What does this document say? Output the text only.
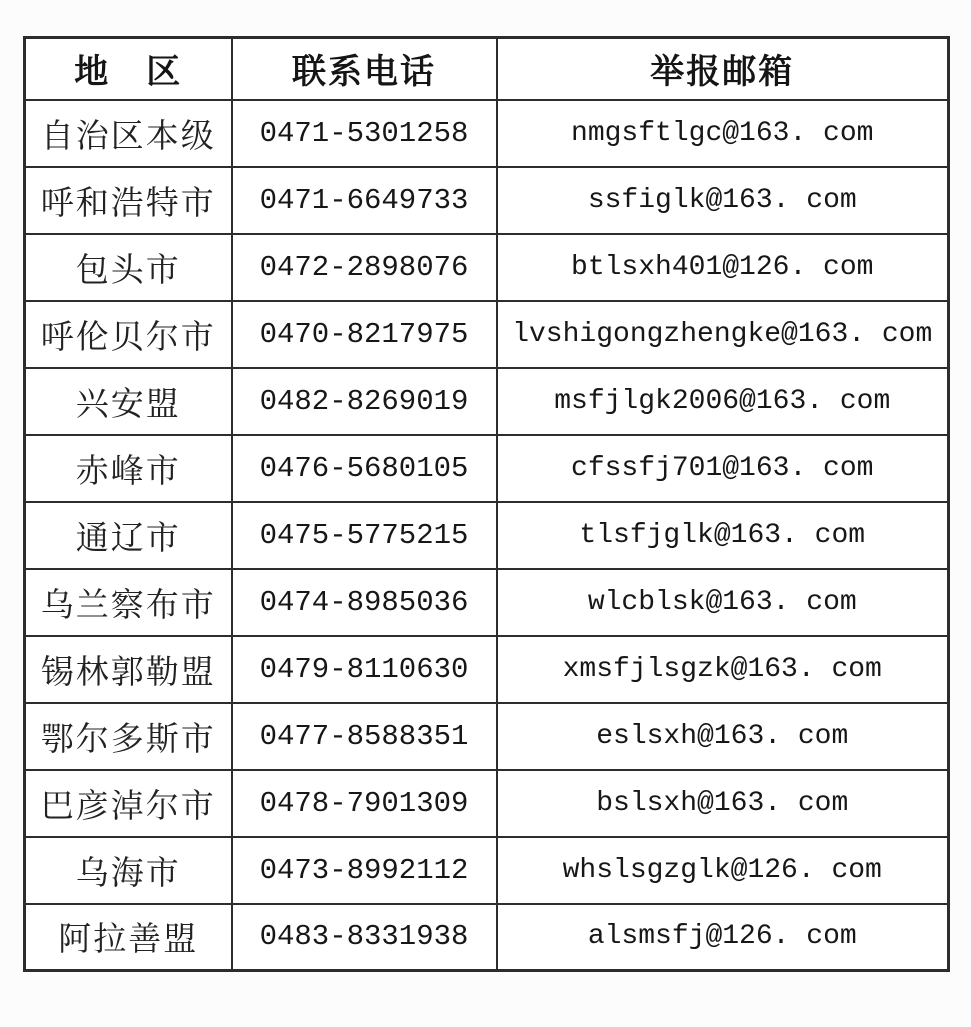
地　区	联系电话	举报邮箱
自治区本级	0471-5301258	nmgsftlgc@163. com
呼和浩特市	0471-6649733	ssfiglk@163. com
包头市	0472-2898076	btlsxh401@126. com
呼伦贝尔市	0470-8217975	lvshigongzhengke@163. com
兴安盟	0482-8269019	msfjlgk2006@163. com
赤峰市	0476-5680105	cfssfj701@163. com
通辽市	0475-5775215	tlsfjglk@163. com
乌兰察布市	0474-8985036	wlcblsk@163. com
锡林郭勒盟	0479-8110630	xmsfjlsgzk@163. com
鄂尔多斯市	0477-8588351	eslsxh@163. com
巴彦淖尔市	0478-7901309	bslsxh@163. com
乌海市	0473-8992112	whslsgzglk@126. com
阿拉善盟	0483-8331938	alsmsfj@126. com
